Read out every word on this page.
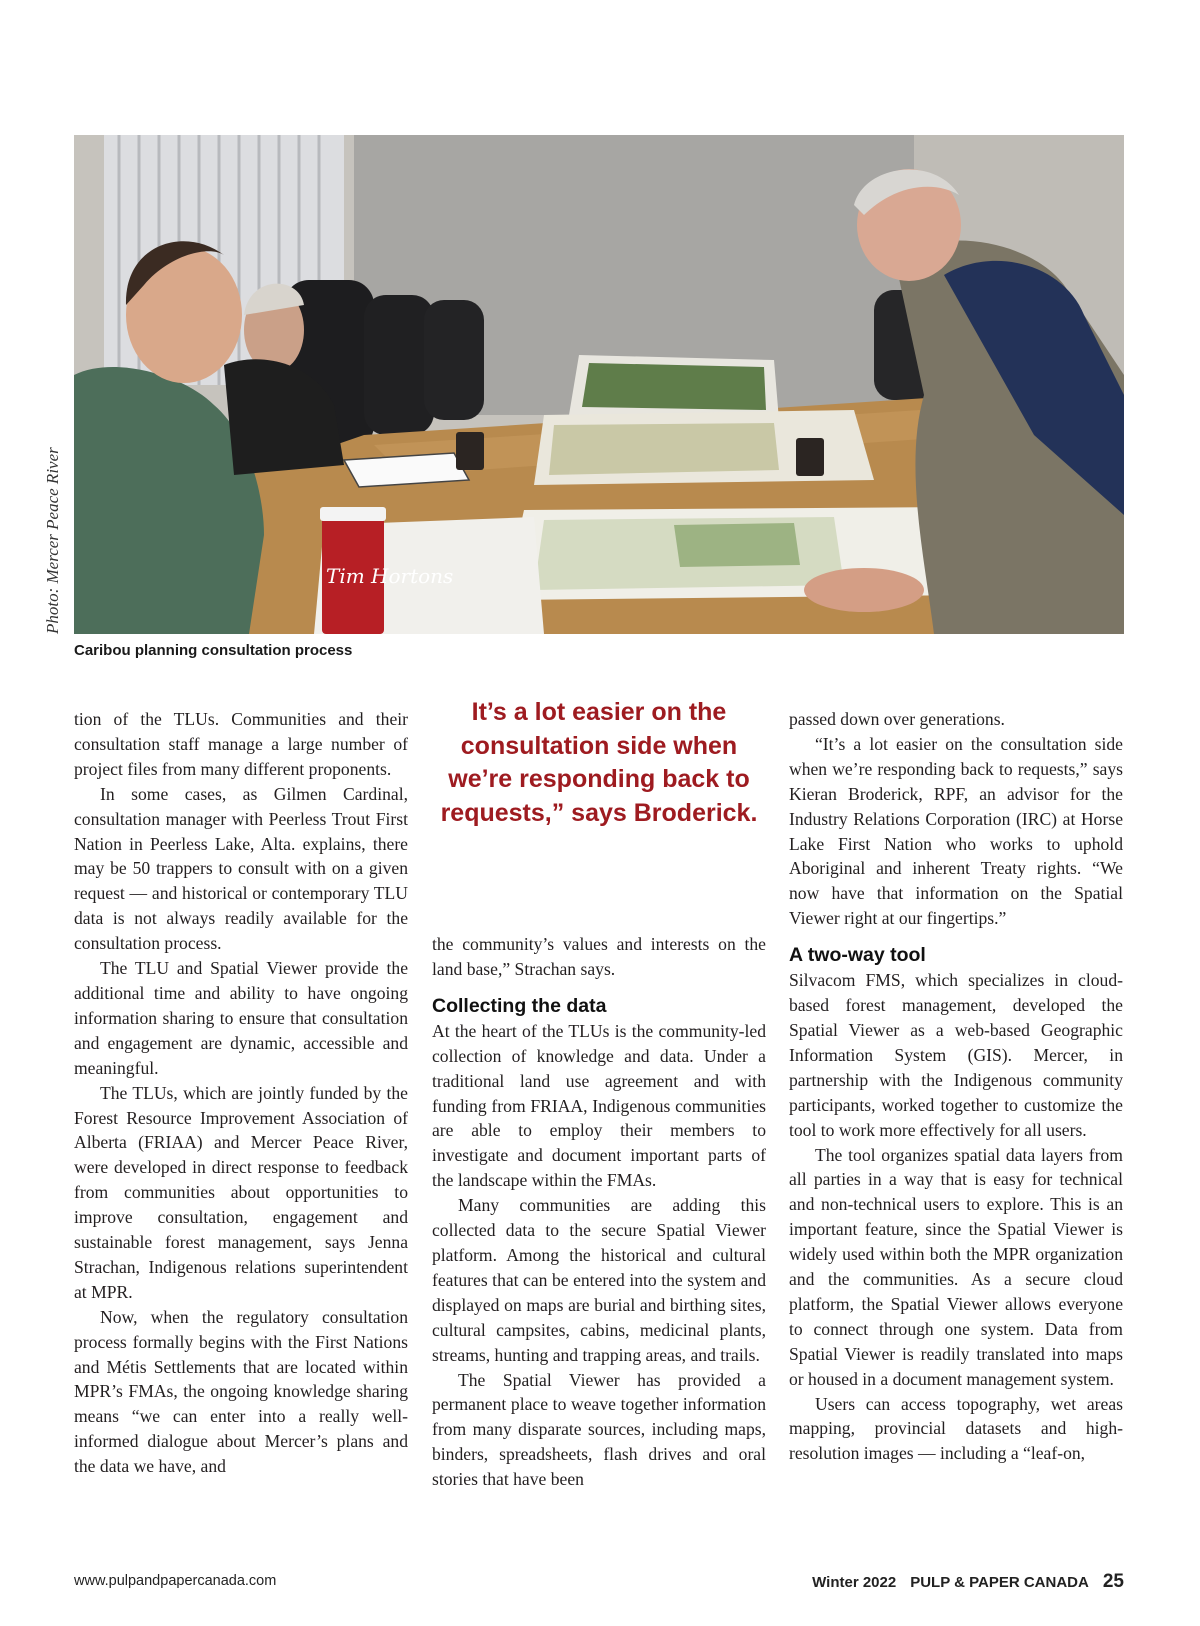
Tim Hortons
Photo: Mercer Peace River
Caribou planning consultation process

tion of the TLUs. Communities and their consultation staff manage a large number of project files from many different proponents.

In some cases, as Gilmen Cardinal, consultation manager with Peerless Trout First Nation in Peerless Lake, Alta. explains, there may be 50 trappers to consult with on a given request — and historical or contemporary TLU data is not always readily available for the consultation process.

The TLU and Spatial Viewer provide the additional time and ability to have ongoing information sharing to ensure that consultation and engagement are dynamic, accessible and meaningful.

The TLUs, which are jointly funded by the Forest Resource Improvement Association of Alberta (FRIAA) and Mercer Peace River, were developed in direct response to feedback from communities about opportunities to improve consultation, engagement and sustainable forest management, says Jenna Strachan, Indigenous relations superintendent at MPR.

Now, when the regulatory consultation process formally begins with the First Nations and Métis Settlements that are located within MPR’s FMAs, the ongoing knowledge sharing means “we can enter into a really well-informed dialogue about Mercer’s plans and the data we have, and

It’s a lot easier on the consultation side when we’re responding back to requests,” says Broderick.

the community’s values and interests on the land base,” Strachan says.

Collecting the data

At the heart of the TLUs is the community-led collection of knowledge and data. Under a traditional land use agreement and with funding from FRIAA, Indigenous communities are able to employ their members to investigate and document important parts of the landscape within the FMAs.

Many communities are adding this collected data to the secure Spatial Viewer platform. Among the historical and cultural features that can be entered into the system and displayed on maps are burial and birthing sites, cultural campsites, cabins, medicinal plants, streams, hunting and trapping areas, and trails.

The Spatial Viewer has provided a permanent place to weave together information from many disparate sources, including maps, binders, spreadsheets, flash drives and oral stories that have been

passed down over generations.

“It’s a lot easier on the consultation side when we’re responding back to requests,” says Kieran Broderick, RPF, an advisor for the Industry Relations Corporation (IRC) at Horse Lake First Nation who works to uphold Aboriginal and inherent Treaty rights. “We now have that information on the Spatial Viewer right at our fingertips.”

A two-way tool

Silvacom FMS, which specializes in cloud-based forest management, developed the Spatial Viewer as a web-based Geographic Information System (GIS). Mercer, in partnership with the Indigenous community participants, worked together to customize the tool to work more effectively for all users.

The tool organizes spatial data layers from all parties in a way that is easy for technical and non-technical users to explore. This is an important feature, since the Spatial Viewer is widely used within both the MPR organization and the communities. As a secure cloud platform, the Spatial Viewer allows everyone to connect through one system. Data from Spatial Viewer is readily translated into maps or housed in a document management system.

Users can access topography, wet areas mapping, provincial datasets and high-resolution images — including a “leaf-on,

www.pulpandpapercanada.com	Winter 2022 PULP & PAPER CANADA 25
